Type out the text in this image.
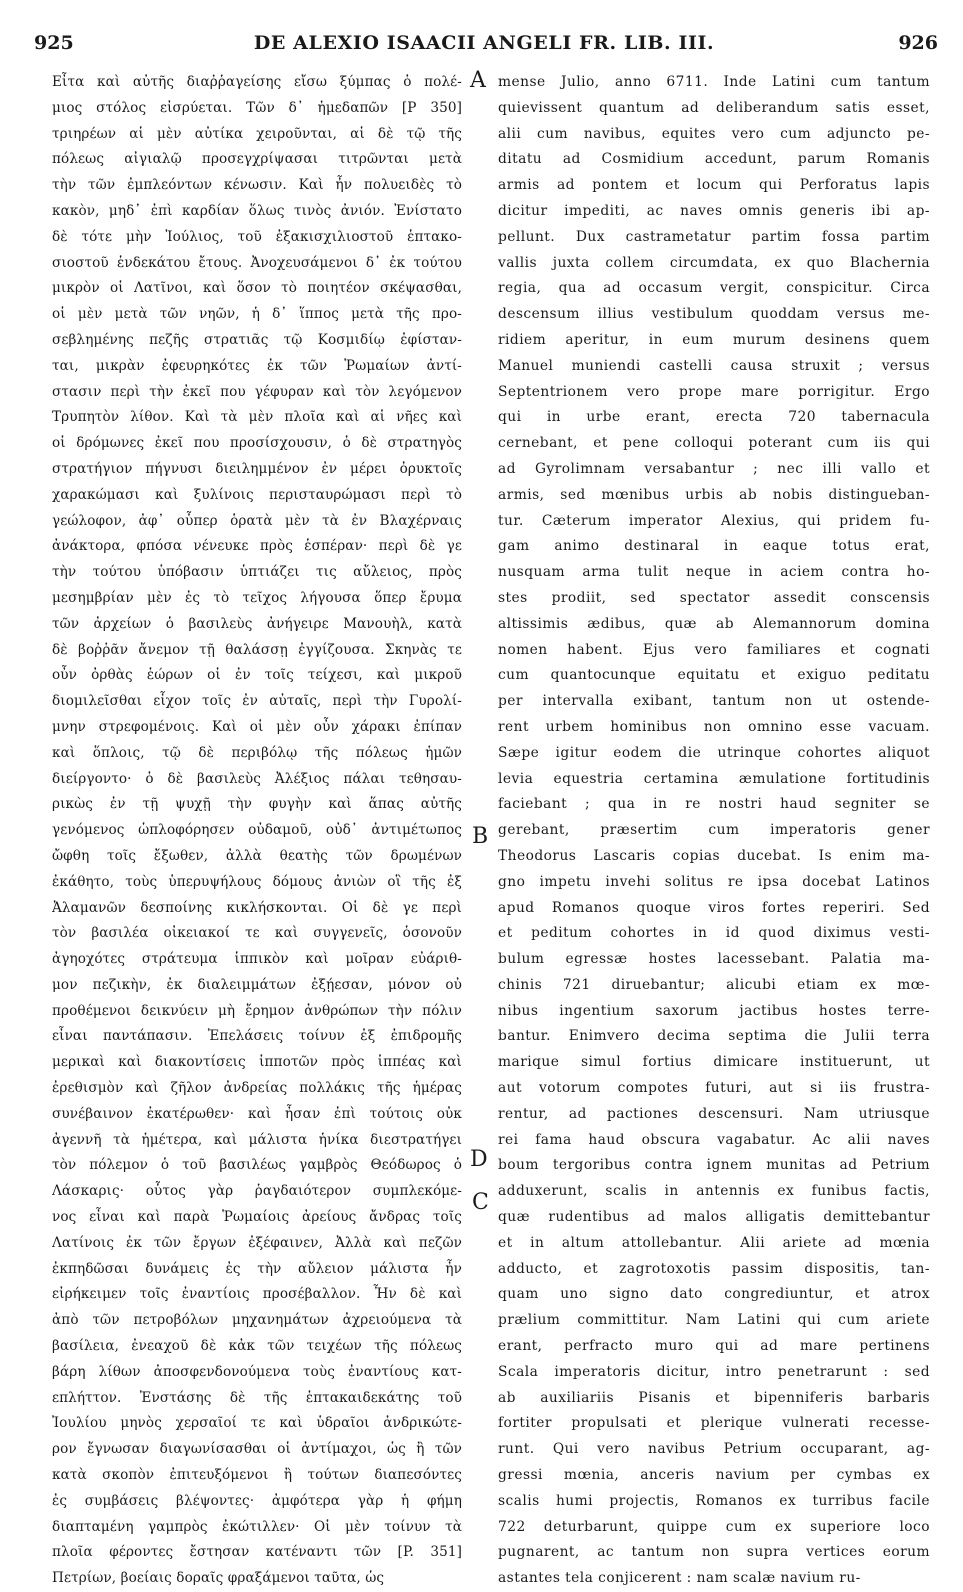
925	DE ALEXIO ISAACII ANGELI FR. LIB. III.	926
Εἶτα καὶ αὐτῆς διαῤῥαγείσης εἴσω ξύμπας ὁ πολέ-
μιος στόλος εἰσρύεται. Τῶν δ᾽ ἡμεδαπῶν [P 350]
τριηρέων αἱ μὲν αὐτίκα χειροῦνται, αἱ δὲ τῷ τῆς
πόλεως αἰγιαλῷ προσεγχρίψασαι τιτρῶνται μετὰ
τὴν τῶν ἐμπλεόντων κένωσιν. Καὶ ἦν πολυειδὲς τὸ
κακὸν, μηδ᾽ ἐπὶ καρδίαν ὅλως τινὸς ἀνιόν. Ἐνίστατο
δὲ τότε μὴν Ἰούλιος, τοῦ ἑξακισχιλιοστοῦ ἑπτακο-
σιοστοῦ ἑνδεκάτου ἔτους. Ἀνοχευσάμενοι δ᾽ ἐκ τούτου
μικρὸν οἱ Λατῖνοι, καὶ ὅσον τὸ ποιητέον σκέψασθαι,
οἱ μὲν μετὰ τῶν νηῶν, ἡ δ᾽ ἵππος μετὰ τῆς προ-
σεβλημένης πεζῆς στρατιᾶς τῷ Κοσμιδίῳ ἐφίσταν-
ται, μικρὰν ἐφευρηκότες ἐκ τῶν Ῥωμαίων ἀντί-
στασιν περὶ τὴν ἐκεῖ που γέφυραν καὶ τὸν λεγόμενον
Τρυπητὸν λίθον. Καὶ τὰ μὲν πλοῖα καὶ αἱ νῆες καὶ
οἱ δρόμωνες ἐκεῖ που προσίσχουσιν, ὁ δὲ στρατηγὸς
στρατήγιον πήγνυσι διειλημμένον ἐν μέρει ὀρυκτοῖς
χαρακώμασι καὶ ξυλίνοις περισταυρώμασι περὶ τὸ
γεώλοφον, ἀφ᾽ οὗπερ ὁρατὰ μὲν τὰ ἐν Βλαχέρναις
ἀνάκτορα, φπόσα νένευκε πρὸς ἑσπέραν· περὶ δὲ γε
τὴν τούτου ὑπόβασιν ὑπτιάζει τις αὔλειος, πρὸς
μεσημβρίαν μὲν ἐς τὸ τεῖχος λήγουσα ὅπερ ἔρυμα
τῶν ἀρχείων ὁ βασιλεὺς ἀνήγειρε Μανουὴλ, κατὰ
δὲ βοῤῥᾶν ἄνεμον τῇ θαλάσσῃ ἐγγίζουσα. Σκηνὰς τε
οὖν ὀρθὰς ἑώρων οἱ ἐν τοῖς τείχεσι, καὶ μικροῦ
διομιλεῖσθαι εἶχον τοῖς ἐν αὐταῖς, περὶ τὴν Γυρολί-
μνην στρεφομένοις. Καὶ οἱ μὲν οὖν χάρακι ἐπίπαν
καὶ ὅπλοις, τῷ δὲ περιβόλῳ τῆς πόλεως ἡμῶν
διείργοντο· ὁ δὲ βασιλεὺς Ἀλέξιος πάλαι τεθησαυ-
ρικὼς ἐν τῇ ψυχῇ τὴν φυγὴν καὶ ἅπας αὐτῆς
γενόμενος ὡπλοφόρησεν οὐδαμοῦ, οὐδ᾽ ἀντιμέτωπος
ὤφθη τοῖς ἔξωθεν, ἀλλὰ θεατὴς τῶν δρωμένων
ἐκάθητο, τοὺς ὑπερυψήλους δόμους ἀνιὼν οἳ τῆς ἐξ
Ἀλαμανῶν δεσποίνης κικλήσκονται. Οἱ δὲ γε περὶ
τὸν βασιλέα οἰκειακοί τε καὶ συγγενεῖς, ὁσονοῦν
ἀγηοχότες στράτευμα ἱππικὸν καὶ μοῖραν εὐάριθ-
μον πεζικὴν, ἐκ διαλειμμάτων ἐξῄεσαν, μόνον οὐ
προθέμενοι δεικνύειν μὴ ἔρημον ἀνθρώπων τὴν πόλιν
εἶναι παντάπασιν. Ἐπελάσεις τοίνυν ἐξ ἐπιδρομῆς
μερικαὶ καὶ διακοντίσεις ἱπποτῶν πρὸς ἱππέας καὶ
ἐρεθισμὸν καὶ ζῆλον ἀνδρείας πολλάκις τῆς ἡμέρας
συνέβαινον ἑκατέρωθεν· καὶ ἦσαν ἐπὶ τούτοις οὐκ
ἀγεννῆ τὰ ἡμέτερα, καὶ μάλιστα ἡνίκα διεστρατήγει
τὸν πόλεμον ὁ τοῦ βασιλέως γαμβρὸς Θεόδωρος ὁ
Λάσκαρις· οὗτος γὰρ ῥαγδαιότερον συμπλεκόμε-
νος εἶναι καὶ παρὰ Ῥωμαίοις ἀρείους ἄνδρας τοῖς
Λατίνοις ἐκ τῶν ἔργων ἐξέφαινεν, Ἀλλὰ καὶ πεζῶν
ἐκπηδῶσαι δυνάμεις ἐς τὴν αὔλειον μάλιστα ἦν
εἰρήκειμεν τοῖς ἐναντίοις προσέβαλλον. Ἦν δὲ καὶ
ἀπὸ τῶν πετροβόλων μηχανημάτων ἀχρειούμενα τὰ
βασίλεια, ἐνεαχοῦ δὲ κἀκ τῶν τειχέων τῆς πόλεως
βάρη λίθων ἀποσφενδονούμενα τοὺς ἐναντίους κατ-
επλήττον. Ἐνστάσης δὲ τῆς ἑπτακαιδεκάτης τοῦ
Ἰουλίου μηνὸς χερσαῖοί τε καὶ ὑδραῖοι ἀνδρικώτε-
ρον ἔγνωσαν διαγωνίσασθαι οἱ ἀντίμαχοι, ὡς ἢ τῶν
κατὰ σκοπὸν ἐπιτευξόμενοι ἢ τούτων διαπεσόντες
ἐς συμβάσεις βλέψοντες· ἀμφότερα γὰρ ἡ φήμη
διαπταμένη γαμπρὸς ἐκώτιλλεν· Οἱ μὲν τοίνυν τὰ
πλοῖα φέροντες ἔστησαν κατέναντι τῶν [P. 351]
Πετρίων, βοείαις δοραῖς φραξάμενοι ταῦτα, ὡς
mense Julio, anno 6711. Inde Latini cum tantum
quievissent quantum ad deliberandum satis esset,
alii cum navibus, equites vero cum adjuncto pe-
ditatu ad Cosmidium accedunt, parum Romanis
armis ad pontem et locum qui Perforatus lapis
dicitur impediti, ac naves omnis generis ibi ap-
pellunt. Dux castrametatur partim fossa partim
vallis juxta collem circumdata, ex quo Blachernia
regia, qua ad occasum vergit, conspicitur. Circa
descensum illius vestibulum quoddam versus me-
ridiem aperitur, in eum murum desinens quem
Manuel muniendi castelli causa struxit ; versus
Septentrionem vero prope mare porrigitur. Ergo
qui in urbe erant, erecta 720 tabernacula
cernebant, et pene colloqui poterant cum iis qui
ad Gyrolimnam versabantur ; nec illi vallo et
armis, sed mœnibus urbis ab nobis distingueban-
tur. Cæterum imperator Alexius, qui pridem fu-
gam animo destinaral in eaque totus erat,
nusquam arma tulit neque in aciem contra ho-
stes prodiit, sed spectator assedit conscensis
altissimis ædibus, quæ ab Alemannorum domina
nomen habent. Ejus vero familiares et cognati
cum quantocunque equitatu et exiguo peditatu
per intervalla exibant, tantum non ut ostende-
rent urbem hominibus non omnino esse vacuam.
Sæpe igitur eodem die utrinque cohortes aliquot
levia equestria certamina æmulatione fortitudinis
faciebant ; qua in re nostri haud segniter se
gerebant, præsertim cum imperatoris gener
Theodorus Lascaris copias ducebat. Is enim ma-
gno impetu invehi solitus re ipsa docebat Latinos
apud Romanos quoque viros fortes reperiri. Sed
et peditum cohortes in id quod diximus vesti-
bulum egressæ hostes lacessebant. Palatia ma-
chinis 721 diruebantur; alicubi etiam ex mœ-
nibus ingentium saxorum jactibus hostes terre-
bantur. Enimvero decima septima die Julii terra
marique simul fortius dimicare instituerunt, ut
aut votorum compotes futuri, aut si iis frustra-
rentur, ad pactiones descensuri. Nam utriusque
rei fama haud obscura vagabatur. Ac alii naves
boum tergoribus contra ignem munitas ad Petrium
adduxerunt, scalis in antennis ex funibus factis,
quæ rudentibus ad malos alligatis demittebantur
et in altum attollebantur. Alii ariete ad mœnia
adducto, et zagrotoxotis passim dispositis, tan-
quam uno signo dato congrediuntur, et atrox
prælium committitur. Nam Latini qui cum ariete
erant, perfracto muro qui ad mare pertinens
Scala imperatoris dicitur, intro penetrarunt : sed
ab auxiliariis Pisanis et bipenniferis barbaris
fortiter propulsati et plerique vulnerati recesse-
runt. Qui vero navibus Petrium occuparant, ag-
gressi mœnia, anceris navium per cymbas ex
scalis humi projectis, Romanos ex turribus facile
722 deturbarunt, quippe cum ex superiore loco
pugnarent, ac tantum non supra vertices eorum
astantes tela conjicerent : nam scalæ navium ru-
A
B
C
D
